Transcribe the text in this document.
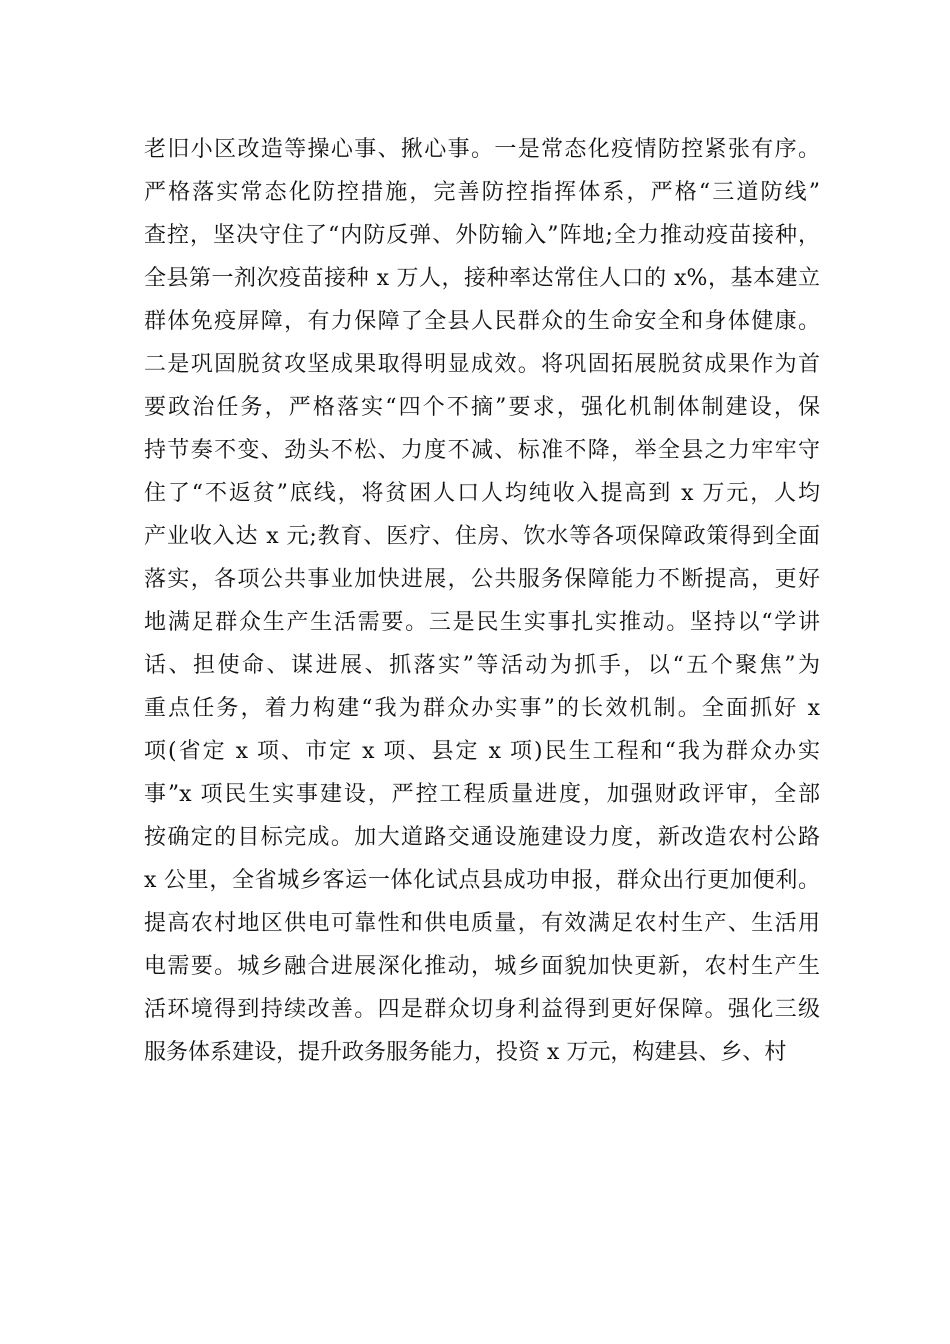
老旧小区改造等操心事、揪心事。一是常态化疫情防控紧张有序。
严格落实常态化防控措施，完善防控指挥体系，严格“三道防线”
查控，坚决守住了“内防反弹、外防输入”阵地;全力推动疫苗接种，
全县第一剂次疫苗接种 x 万人，接种率达常住人口的 x%，基本建立
群体免疫屏障，有力保障了全县人民群众的生命安全和身体健康。
二是巩固脱贫攻坚成果取得明显成效。将巩固拓展脱贫成果作为首
要政治任务，严格落实“四个不摘”要求，强化机制体制建设，保
持节奏不变、劲头不松、力度不减、标准不降，举全县之力牢牢守
住了“不返贫”底线，将贫困人口人均纯收入提高到 x 万元，人均
产业收入达 x 元;教育、医疗、住房、饮水等各项保障政策得到全面
落实，各项公共事业加快进展，公共服务保障能力不断提高，更好
地满足群众生产生活需要。三是民生实事扎实推动。坚持以“学讲
话、担使命、谋进展、抓落实”等活动为抓手，以“五个聚焦”为
重点任务，着力构建“我为群众办实事”的长效机制。全面抓好 x
项(省定 x 项、市定 x 项、县定 x 项)民生工程和“我为群众办实
事”x 项民生实事建设，严控工程质量进度，加强财政评审，全部
按确定的目标完成。加大道路交通设施建设力度，新改造农村公路
x 公里，全省城乡客运一体化试点县成功申报，群众出行更加便利。
提高农村地区供电可靠性和供电质量，有效满足农村生产、生活用
电需要。城乡融合进展深化推动，城乡面貌加快更新，农村生产生
活环境得到持续改善。四是群众切身利益得到更好保障。强化三级
服务体系建设，提升政务服务能力，投资 x 万元，构建县、乡、村
